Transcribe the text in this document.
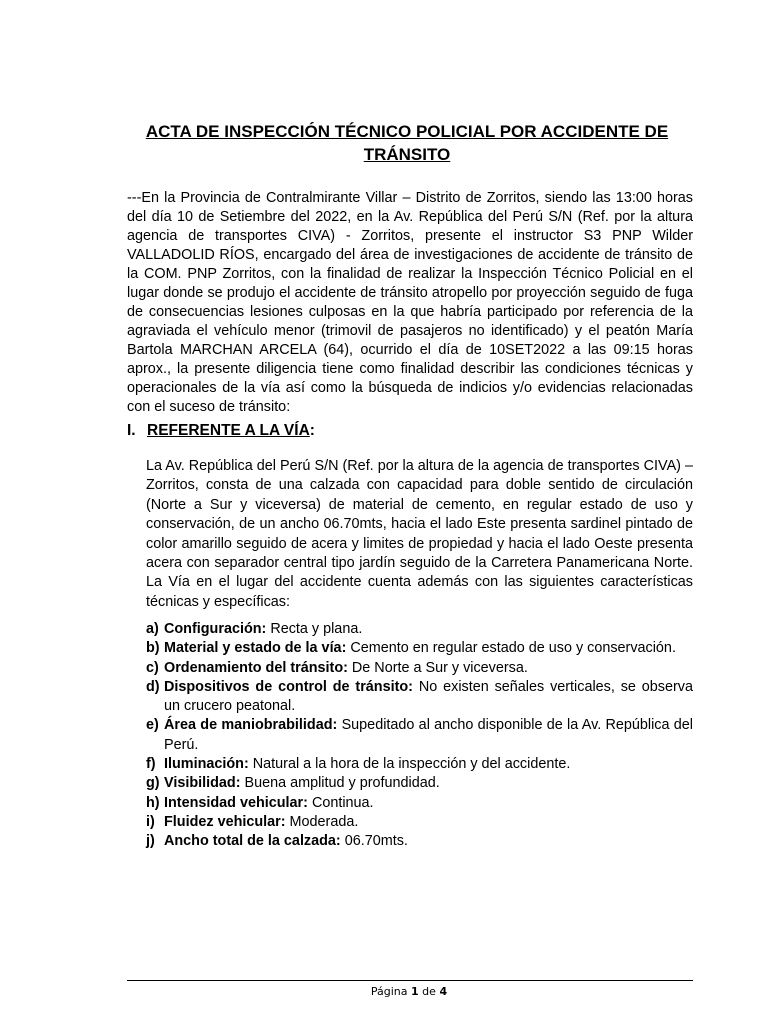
ACTA DE INSPECCIÓN TÉCNICO POLICIAL POR ACCIDENTE DE TRÁNSITO
---En la Provincia de Contralmirante Villar – Distrito de Zorritos, siendo las 13:00 horas del día 10 de Setiembre del 2022, en la Av. República del Perú S/N (Ref. por la altura agencia de transportes CIVA) - Zorritos, presente el instructor S3 PNP Wilder VALLADOLID RÍOS, encargado del área de investigaciones de accidente de tránsito de la COM. PNP Zorritos, con la finalidad de realizar la Inspección Técnico Policial en el lugar donde se produjo el accidente de tránsito atropello por proyección seguido de fuga de consecuencias lesiones culposas en la que habría participado por referencia de la agraviada el vehículo menor (trimovil de pasajeros no identificado) y el peatón María Bartola MARCHAN ARCELA (64), ocurrido el día de 10SET2022 a las 09:15 horas aprox., la presente diligencia tiene como finalidad describir las condiciones técnicas y operacionales de la vía así como la búsqueda de indicios y/o evidencias relacionadas con el suceso de tránsito:
I. REFERENTE A LA VÍA:
La Av. República del Perú S/N (Ref. por la altura de la agencia de transportes CIVA) – Zorritos, consta de una calzada con capacidad para doble sentido de circulación (Norte a Sur y viceversa) de material de cemento, en regular estado de uso y conservación, de un ancho 06.70mts, hacia el lado Este presenta sardinel pintado de color amarillo seguido de acera y limites de propiedad y hacia el lado Oeste presenta acera con separador central tipo jardín seguido de la Carretera Panamericana Norte. La Vía en el lugar del accidente cuenta además con las siguientes características técnicas y específicas:
a) Configuración: Recta y plana.
b) Material y estado de la vía: Cemento en regular estado de uso y conservación.
c) Ordenamiento del tránsito: De Norte a Sur y viceversa.
d) Dispositivos de control de tránsito: No existen señales verticales, se observa un crucero peatonal.
e) Área de maniobrabilidad: Supeditado al ancho disponible de la Av. República del Perú.
f) Iluminación: Natural a la hora de la inspección y del accidente.
g) Visibilidad: Buena amplitud y profundidad.
h) Intensidad vehicular: Continua.
i) Fluidez vehicular: Moderada.
j) Ancho total de la calzada: 06.70mts.
Página 1 de 4
